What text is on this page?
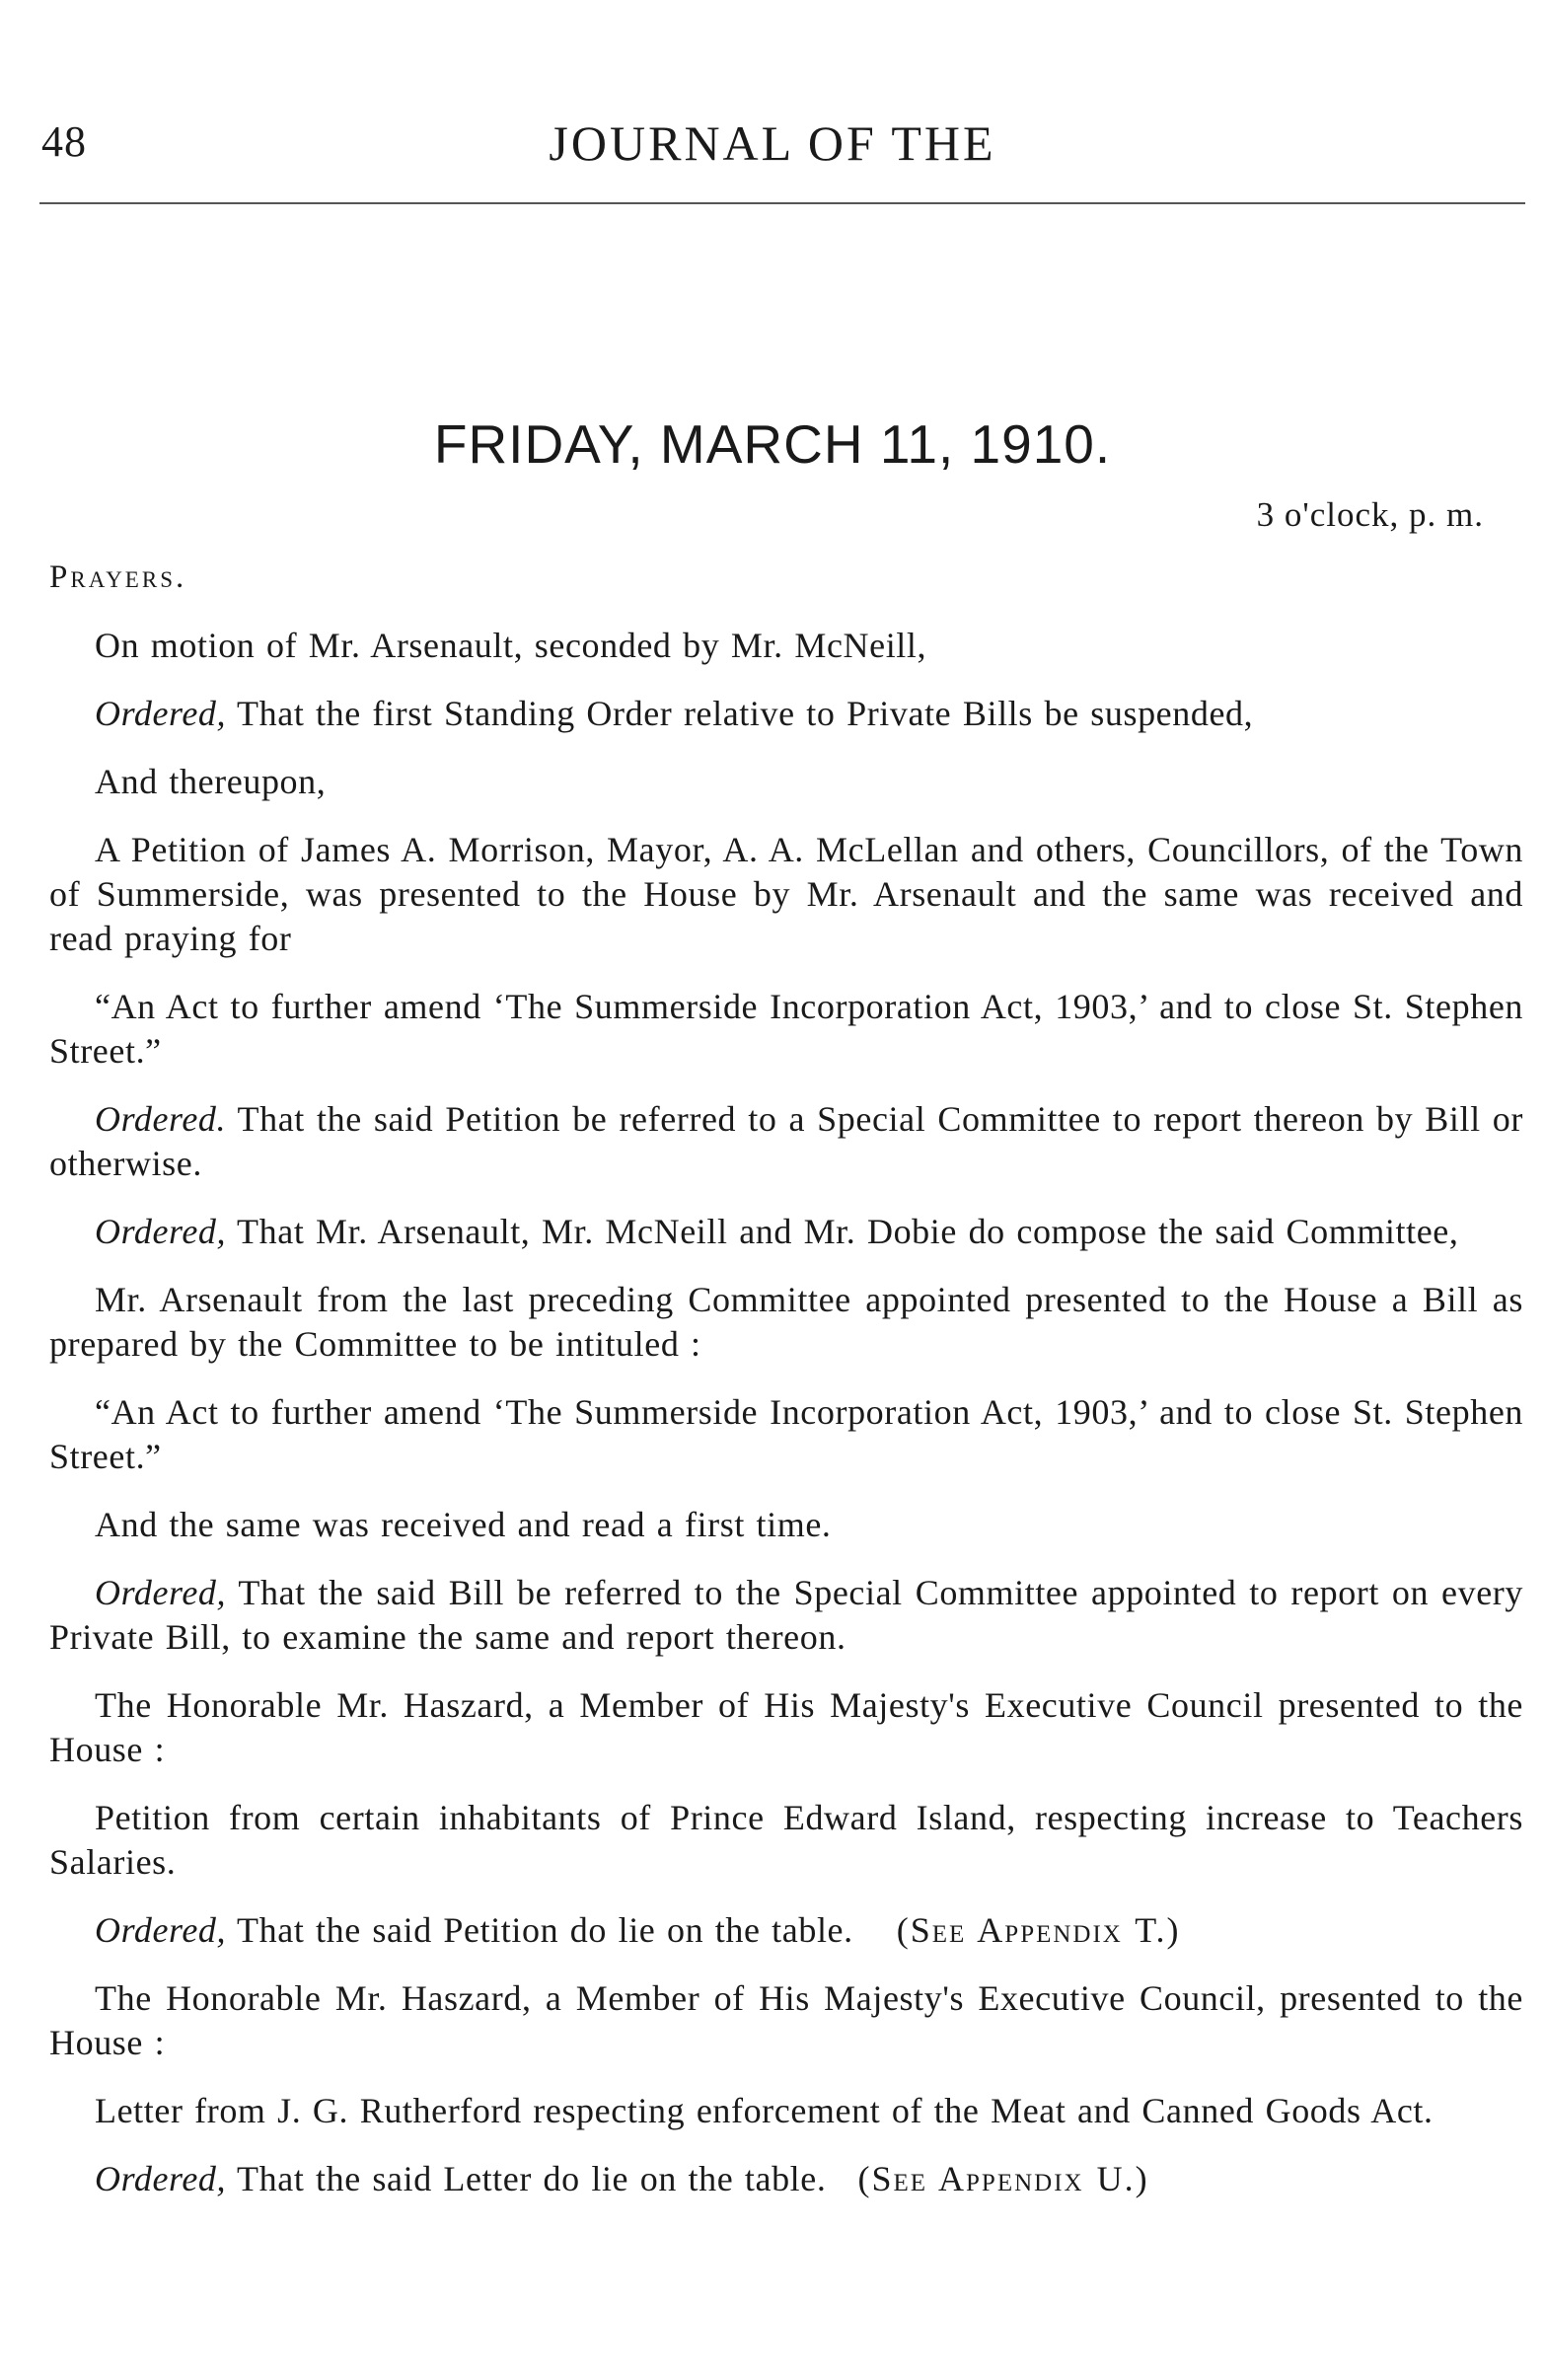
48	JOURNAL OF THE
FRIDAY, MARCH 11, 1910.
3 o'clock, p. m.
Prayers.

On motion of Mr. Arsenault, seconded by Mr. McNeill,

Ordered, That the first Standing Order relative to Private Bills be suspended,

And thereupon,

A Petition of James A. Morrison, Mayor, A. A. McLellan and others, Councillors, of the Town of Summerside, was presented to the House by Mr. Arsenault and the same was received and read praying for

“An Act to further amend ‘The Summerside Incorporation Act, 1903,’ and to close St. Stephen Street.”

Ordered. That the said Petition be referred to a Special Committee to report thereon by Bill or otherwise.

Ordered, That Mr. Arsenault, Mr. McNeill and Mr. Dobie do compose the said Committee,

Mr. Arsenault from the last preceding Committee appointed presented to the House a Bill as prepared by the Committee to be intituled :

“An Act to further amend ‘The Summerside Incorporation Act, 1903,’ and to close St. Stephen Street.”

And the same was received and read a first time.

Ordered, That the said Bill be referred to the Special Committee appointed to report on every Private Bill, to examine the same and report thereon.

The Honorable Mr. Haszard, a Member of His Majesty's Executive Council presented to the House :

Petition from certain inhabitants of Prince Edward Island, respecting increase to Teachers Salaries.

Ordered, That the said Petition do lie on the table. (See Appendix T.)

The Honorable Mr. Haszard, a Member of His Majesty's Executive Council, presented to the House :

Letter from J. G. Rutherford respecting enforcement of the Meat and Canned Goods Act.

Ordered, That the said Letter do lie on the table. (See Appendix U.)
